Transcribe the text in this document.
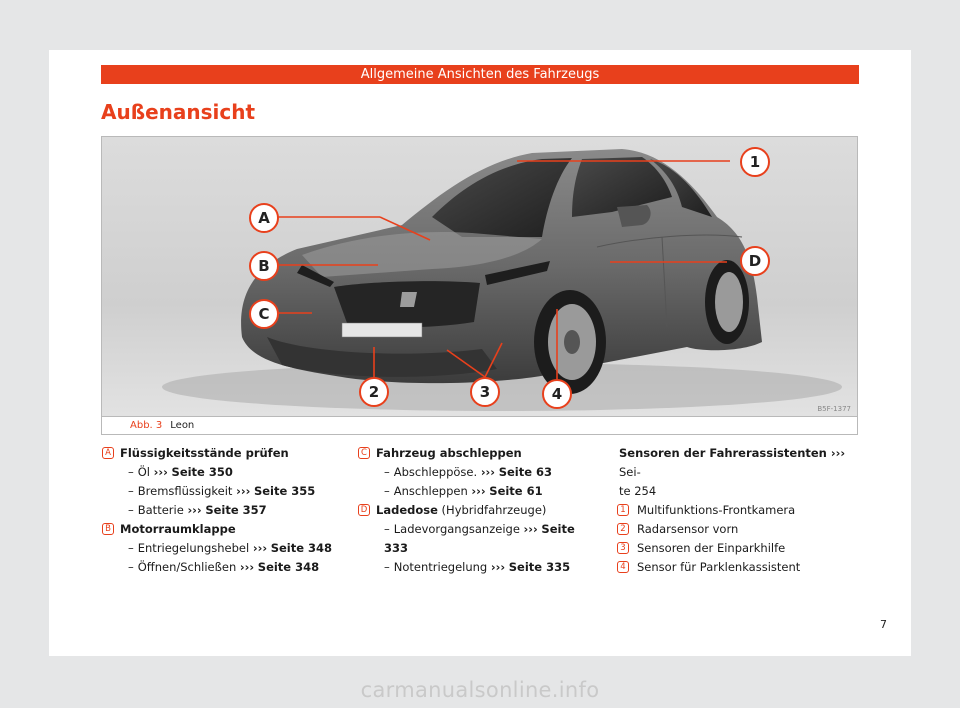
Allgemeine Ansichten des Fahrzeugs
Außenansicht
1
2	3	4
A
B
C
D
B5F-1377
Abb. 3 Leon
A Flüssigkeitsstände prüfen
– Öl ››› Seite 350
– Bremsflüssigkeit ››› Seite 355
– Batterie ››› Seite 357
B Motorraumklappe
– Entriegelungshebel ››› Seite 348
– Öffnen/Schließen ››› Seite 348
C Fahrzeug abschleppen
– Abschleppöse. ››› Seite 63
– Anschleppen ››› Seite 61
D Ladedose (Hybridfahrzeuge)
– Ladevorgangsanzeige ››› Seite 333
– Notentriegelung ››› Seite 335
Sensoren der Fahrerassistenten ››› Sei-
te 254
1 Multifunktions-Frontkamera
2 Radarsensor vorn
3 Sensoren der Einparkhilfe
4 Sensor für Parklenkassistent
7
carmanualsonline.info
